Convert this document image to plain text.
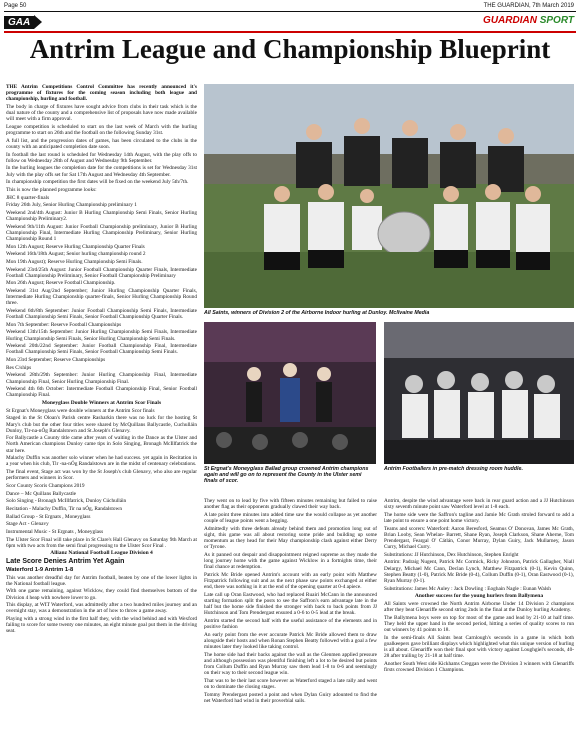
Page 50	THE GUARDIAN, 7th March 2019
GAA	GUARDIAN SPORT
Antrim League and Championship Blueprint

THE Antrim Competitions Control Committee has recently announced it's programme of fixtures for the coming season including both league and championship, hurling and football.

The body in charge of fixtures have sought advice from clubs in their task which is the dual nature of the county and a comprehensive list of proposals have now made available will meet with a firm approval.

League competition is scheduled to start on the last week of March with the hurling programme to start on 26th and the football on the following Sunday 31st.

A full list, and the progression dates of games, has been circulated to the clubs in the county with an anticipated completion date soon.

In football the last round is scheduled for Wednesday 14th August, with the play offs to follow on Wednesday 28th of August and Wednesday 9th September.

In the hurling leagues the completion date for the competitions is set for Wednesday 31st July with the play offs set for Sat 17th August and Wednesday 4th September.

In championship competition the first dates will be fixed on the weekend July 5th/7th.

This is now the planned programme looks:

JHC 8 quarter-finals

Friday 26th July, Senior Hurling Championship preliminary 1

Weekend 2nd/4th August: Junior B Hurling Championship Semi Finals, Senior Hurling Championship Preliminary2.

Weekend 9th/11th August: Junior Football Championship preliminary, Junior B Hurling Championship Final, Intermediate Hurling Championship Preliminary, Senior Hurling Championship Round 1

Mon 12th August; Reserve Hurling Championship Quarter Finals

Weekend 16th/18th August; Senior hurling championship round 2

Mon 19th August); Reserve Hurling Championship Semi Finals.

Weekend 23rd/25th August: Junior Football Championship Quarter Finals, Intermediate Football Championship Preliminary, Senior Football Championship Preliminary

Mon 26th August; Reserve Football Championship.

Weekend 31st Aug/2nd September; Junior Hurling Championship Quarter Finals, Intermediate Hurling Championship quarter-finals, Senior Hurling Championship Round three.

Weekend 6th/8th September: Junior Football Championship Semi Finals, Intermediate Football Championship Semi Finals, Senior Football Championship Quarter Finals.

Mon 7th September: Reserve Football Championships

Weekend 13th/15th September: Junior Hurling Championship Semi Finals, Intermediate Hurling Championship Semi Finals, Senior Hurling Championship Semi Finals.

Weekend 20th/22nd September: Junior Football Championship Final, Intermediate Football Championship Semi Finals, Senior Football Championship Semi Finals.

Mon 23rd September; Reserve Championships

Res C/ships

Weekend 28th/29th September: Junior Hurling Championship Final, Intermediate Championship Final, Senior Hurling Championship Final.

Weekend 4th 6th October: Intermediate Football Championship Final, Senior Football Championship Final.

Moneyglass Double Winners at Antrim Scor Finals

St Ergnat's Moneyglass were double winners at the Antrim Scor finals

Staged in the St Oloan's Parish centre Rasharkin there was no luck for the hosting St Mary's club but the other four titles were shared by McQuillans Ballycastle, Cuchulláin Dunloy, Tir-na-nÓg Randalstown and St.Joseph's Glenavy.

For Ballycastle a County title came after years of waiting in the Dance as the Ulster and North American champions Dunloy came tips in Solo Singing, Bronagh McIllfatrick the star here.

Malachy Duffin was another solo winner when he had success. yet again in Recitation in a year when his club, Tir -na-nÓg Randalstown are in the midst of centenary celebrations.

The final event, Stage act was won by the St Joseph's club Glenavy, who also are regular performers and winners in Scor.

Scor County Scoris Champions 2019

Dance – Mc Quillans Ballycastle

Solo Singing - Bronagh McIllfatrick, Dunloy Cúchulláin

Recitation - Malachy Duffin, Tir na nÓg, Randalstown

Ballad Group - St Ergnats , Moneyglass

Stage Act - Glenavy

Instrumental Music - St Ergnats , Moneyglass

The Ulster Scor Final will take place in St Clare's Hall Glenavy on Saturday 9th March at 6pm with two acts from the semi final progressing to the Ulster Scor Final .

Allianz National Football League Division 4

Late Score Denies Antrim Yet Again

Waterford 1-9 Antrim 1-8

This was another dreadful day for Antrim football, beaten by one of the lower lights in the National football league.

With one game remaining, against Wicklow, they could find themselves bottom of the Division 4 heap with nowhere lower to go.

This display, at WIT Waterford, was admittedly after a two hundred miles journey and an overnight stay, was a demonstration in the art of how to throw a game away.

Playing with a strong wind in the first half they, with the wind behind and with Wexford failing to score for some twenty one minutes, an eight minute goal put them in the driving seat.

All Saints, winners of Division 2 of the Airborne Indoor hurling at Dunloy. Mcllvaine Media
St Ergnat's Moneyglass Ballad group crowned Antrim champions again and will go on to represent the County in the Ulster semi finals of scor.
Antrim Footballers in pre-match dressing room huddle.

They went on to lead by five with fifteen minutes remaining but failed to raise another flag as their opponents gradually clawed their way back.

A late point three minutes into added time saw the would collapse as yet another couple of league points went a begging.

Admittedly with three defeats already behind them and promotion long out of sight, this game was all about restoring some pride and building up some momentum as they head for their May championship clash against either Derry or Tyrone.

As it panned out despair and disappointment reigned supreme as they made the long journey home with the game against Wicklow in a fortnights time, their final chance at redemption.

Patrick Mc Bride opened Antrim's account with an early point with Matthew Fitzpatrick following suit and as the next phase saw points exchanged at either end, there was nothing in it at the end of the opening quarter at 0-4 apiece.

Late call up Oran Eastwood, who had replaced Ruairi McCann in the announced starting formation split the posts to see the Saffron's earn advantage late in the half but the home side finished the stronger with back to back points from JJ Hutchinson and Tom Prendergast ensured a 0-6 to 0-5 lead at the break.

Antrim started the second half with the useful assistance of the elements and in positive fashion

An early point from the ever accurate Patrick Mc Bride allowed them to draw alongside their hosts and when Ronan Stephen Beatty followed with a goal a few minutes later they looked like taking control.

The home side had their backs against the wall as the Glenmen applied pressure and although possession was plentiful finishing left a lot to be desired but points from Collum Duffin and Ryan Murray saw them lead 1-8 to 0-6 and seemingly on their way to their second league win.

That was to be their last score however as Waterford staged a late rally and went on to dominate the closing stages.

Tommy Prendergast posted a point and when Dylan Guiry adounted to find the net Waterford had wind in their proverbial sails.

Antrim, despite the wind advantage were back in rear guard action and a JJ Hutchinson sixty seventh minute point saw Waterford level at 1-8 each.

The home side were the Saffron's tagline and Jamie Mc Grath stroled forward to add a late point to ensure a one point home victory.

Teams and scorers: Waterford: Aaron Beresford, Seamus O' Donovan, James Mc Grath, Brian Looby, Sean Whelan- Barrett, Shane Ryan, Joseph Clarkson, Shane Aherne, Tom Prendergast, Feargal O' Cátlán, Conor Murray, Dylan Guiry, Jack Mullarney, Jason Curry, Michael Curry.

Substitutions: JJ Hutchinson, Dex Hutchinson, Stephen Enright

Antrim: Padraig Nugent, Patrick Mc Cormick, Ricky Johnston, Patrick Gallagher, Niall Delargy, Michael Mc Cann, Declan Lynch, Matthew Fitzpatrick (0-1), Kevin Quinn, Stephen Beatty (1-0), Patrick Mc Bride (0-4), Collum Duffin (0-1), Oran Eastwood (0-1), Ryan Murray (0-1).

Substitutions: James Mc Auley : Jack Dowling : Eoghain Nagle : Eunan Walsh

Another success for the young hurlers from Ballymena

All Saints were crowned the North Antrim Airborne Under 14 Division 2 champions after they beat Glenariffe second string 2nds in the final at the Dunloy hurling Academy.

The Ballymena boys were on top for most of the game and lead by 21-10 at half time. They held the upper hand in the second period, hitting a series of quality scores to run out winners by 41 points to 18.

In the semi-finals All Saints beat Carnlough's seconds in a game in which both goalkeepers gave brilliant displays which highlighted what this unique version of hurling is all about. Glenariffe won their final spot with victory against Loughgiel's seconds, 40-28 after trailing by 21-18 at half time.

Another South West side Kickhams Creggan were the Division 3 winners with Glenariffs firsts crowned Division 1 Champions.
